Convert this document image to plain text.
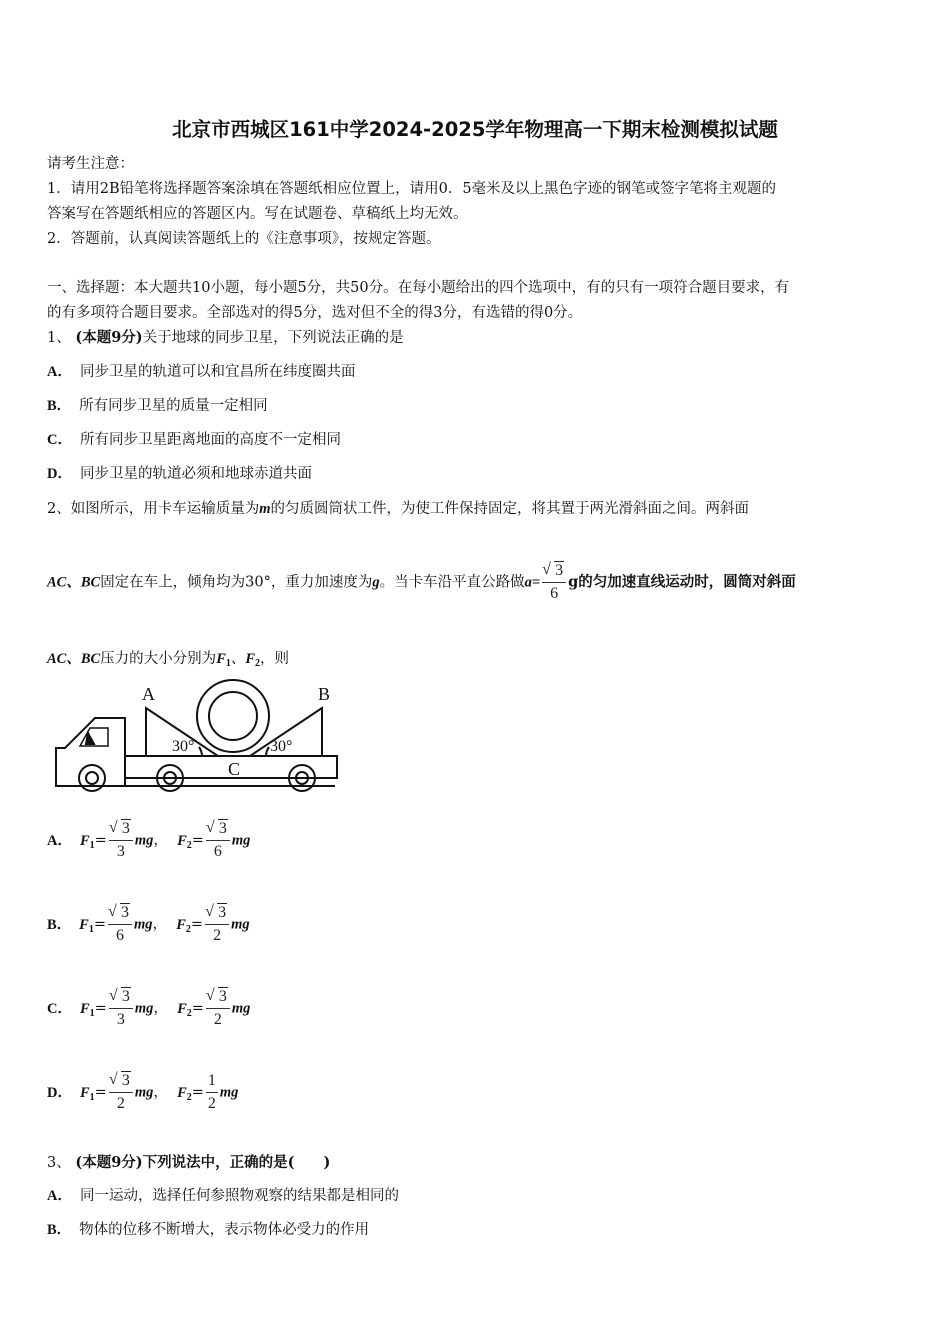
北京市西城区161中学2024-2025学年物理高一下期末检测模拟试题
请考生注意：
1．请用2B铅笔将选择题答案涂填在答题纸相应位置上，请用0．5毫米及以上黑色字迹的钢笔或签字笔将主观题的
答案写在答题纸相应的答题区内。写在试题卷、草稿纸上均无效。
2．答题前，认真阅读答题纸上的《注意事项》，按规定答题。
一、选择题：本大题共10小题，每小题5分，共50分。在每小题给出的四个选项中，有的只有一项符合题目要求，有
的有多项符合题目要求。全部选对的得5分，选对但不全的得3分，有选错的得0分。
1、 (本题9分)关于地球的同步卫星，下列说法正确的是
A． 同步卫星的轨道可以和宜昌所在纬度圈共面
B． 所有同步卫星的质量一定相同
C． 所有同步卫星距离地面的高度不一定相同
D． 同步卫星的轨道必须和地球赤道共面
2、如图所示，用卡车运输质量为m的匀质圆筒状工件，为使工件保持固定，将其置于两光滑斜面之间。两斜面
AC、BC固定在车上，倾角均为30°，重力加速度为g。当卡车沿平直公路做a= √ $\frac{3}{6}$ g的匀加速直线运动时，圆筒对斜面
AC、BC压力的大小分别为$F_1$、$F_2$，则
A	B
C
30°	30°
A． $F_1=$ √ $\frac{3}{3}$ mg， $F_2=$ √ $\frac{3}{6}$ mg
B． $F_1=$ √ $\frac{3}{6}$ mg， $F_2=$ √ $\frac{3}{2}$ mg
C． $F_1=$ √ $\frac{3}{3}$ mg， $F_2=$ √ $\frac{3}{2}$ mg
D． $F_1=$ √ $\frac{3}{2}$ mg， $F_2= \frac{1}{2}$ mg
3、 (本题9分)下列说法中，正确的是(　　)
A． 同一运动，选择任何参照物观察的结果都是相同的
B． 物体的位移不断增大，表示物体必受力的作用
